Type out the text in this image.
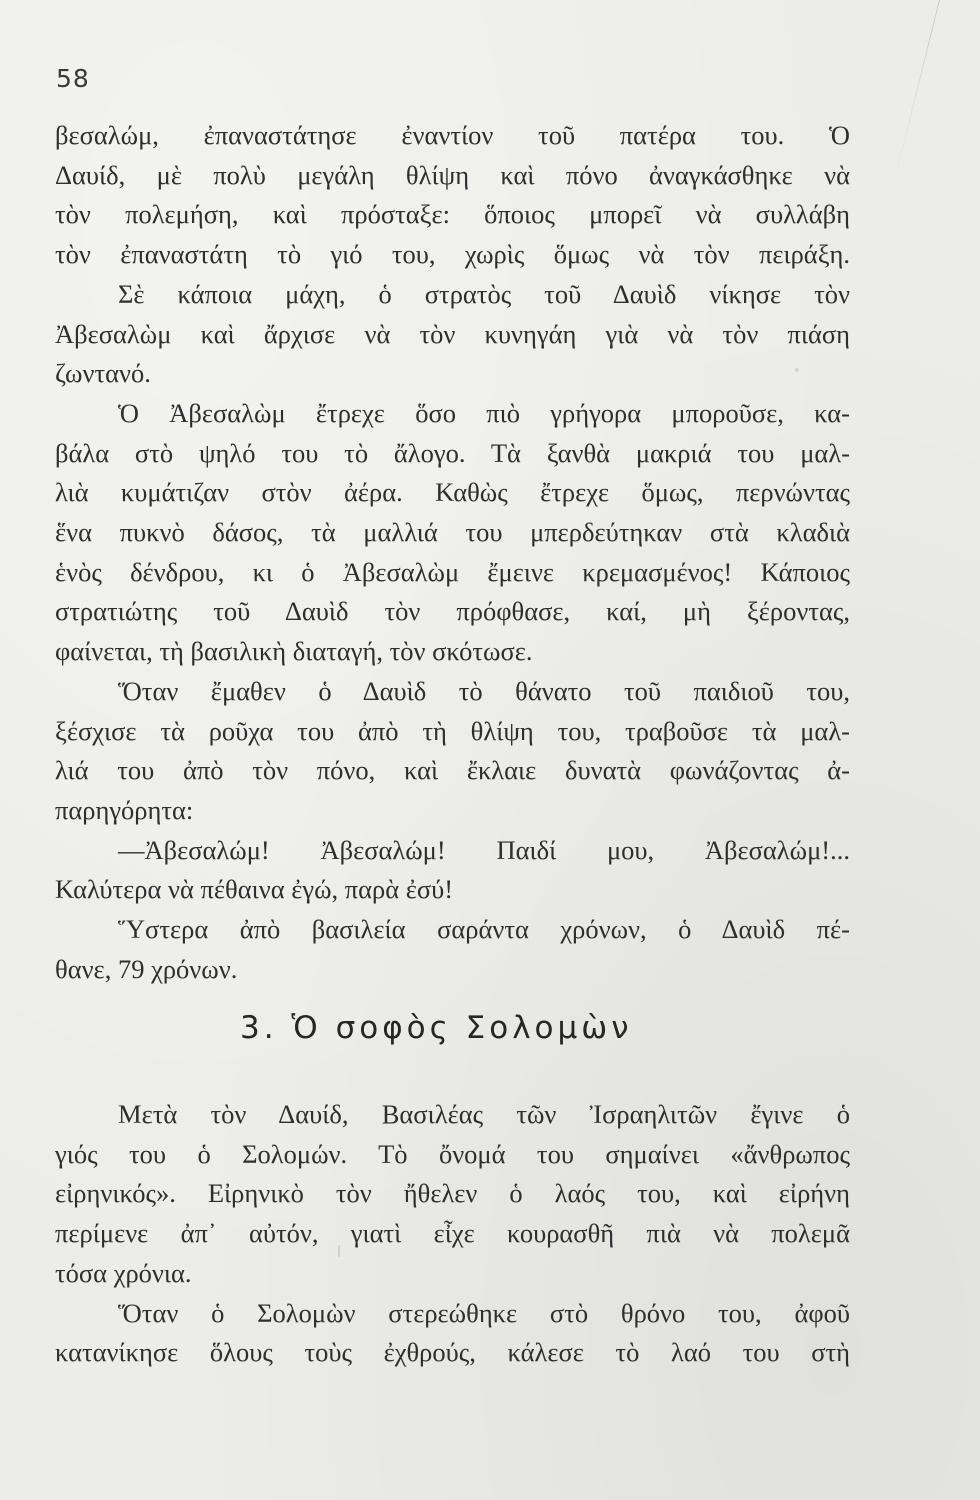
58
βεσαλώμ, ἐπαναστάτησε ἐναντίον τοῦ πατέρα του. Ὁ
Δαυίδ, μὲ πολὺ μεγάλη θλίψη καὶ πόνο ἀναγκάσθηκε νὰ
τὸν πολεμήση, καὶ πρόσταξε: ὅποιος μπορεῖ νὰ συλλάβη
τὸν ἐπαναστάτη τὸ γιό του, χωρὶς ὅμως νὰ τὸν πειράξη.
Σὲ κάποια μάχη, ὁ στρατὸς τοῦ Δαυὶδ νίκησε τὸν
Ἀβεσαλὼμ καὶ ἄρχισε νὰ τὸν κυνηγάη γιὰ νὰ τὸν πιάση
ζωντανό.
Ὁ Ἀβεσαλὼμ ἔτρεχε ὅσο πιὸ γρήγορα μποροῦσε, κα-
βάλα στὸ ψηλό του τὸ ἄλογο. Τὰ ξανθὰ μακριά του μαλ-
λιὰ κυμάτιζαν στὸν ἀέρα. Καθὼς ἔτρεχε ὅμως, περνώντας
ἕνα πυκνὸ δάσος, τὰ μαλλιά του μπερδεύτηκαν στὰ κλαδιὰ
ἑνὸς δένδρου, κι ὁ Ἀβεσαλὼμ ἔμεινε κρεμασμένος! Κάποιος
στρατιώτης τοῦ Δαυὶδ τὸν πρόφθασε, καί, μὴ ξέροντας,
φαίνεται, τὴ βασιλικὴ διαταγή, τὸν σκότωσε.
Ὅταν ἔμαθεν ὁ Δαυὶδ τὸ θάνατο τοῦ παιδιοῦ του,
ξέσχισε τὰ ροῦχα του ἀπὸ τὴ θλίψη του, τραβοῦσε τὰ μαλ-
λιά του ἀπὸ τὸν πόνο, καὶ ἔκλαιε δυνατὰ φωνάζοντας ἀ-
παρηγόρητα:
—Ἀβεσαλώμ! Ἀβεσαλώμ! Παιδί μου, Ἀβεσαλώμ!...
Καλύτερα νὰ πέθαινα ἐγώ, παρὰ ἐσύ!
Ὕστερα ἀπὸ βασιλεία σαράντα χρόνων, ὁ Δαυὶδ πέ-
θανε, 79 χρόνων.
3. Ὁ σοφὸς Σολομὼν
Μετὰ τὸν Δαυίδ, Βασιλέας τῶν Ἰσραηλιτῶν ἔγινε ὁ
γιός του ὁ Σολομών. Τὸ ὄνομά του σημαίνει «ἄνθρωπος
εἰρηνικός». Εἰρηνικὸ τὸν ἤθελεν ὁ λαός του, καὶ εἰρήνη
περίμενε ἀπ᾽ αὐτόν, γιατὶ εἶχε κουρασθῆ πιὰ νὰ πολεμᾶ
τόσα χρόνια.
Ὅταν ὁ Σολομὼν στερεώθηκε στὸ θρόνο του, ἀφοῦ
κατανίκησε ὅλους τοὺς ἐχθρούς, κάλεσε τὸ λαό του στὴ
